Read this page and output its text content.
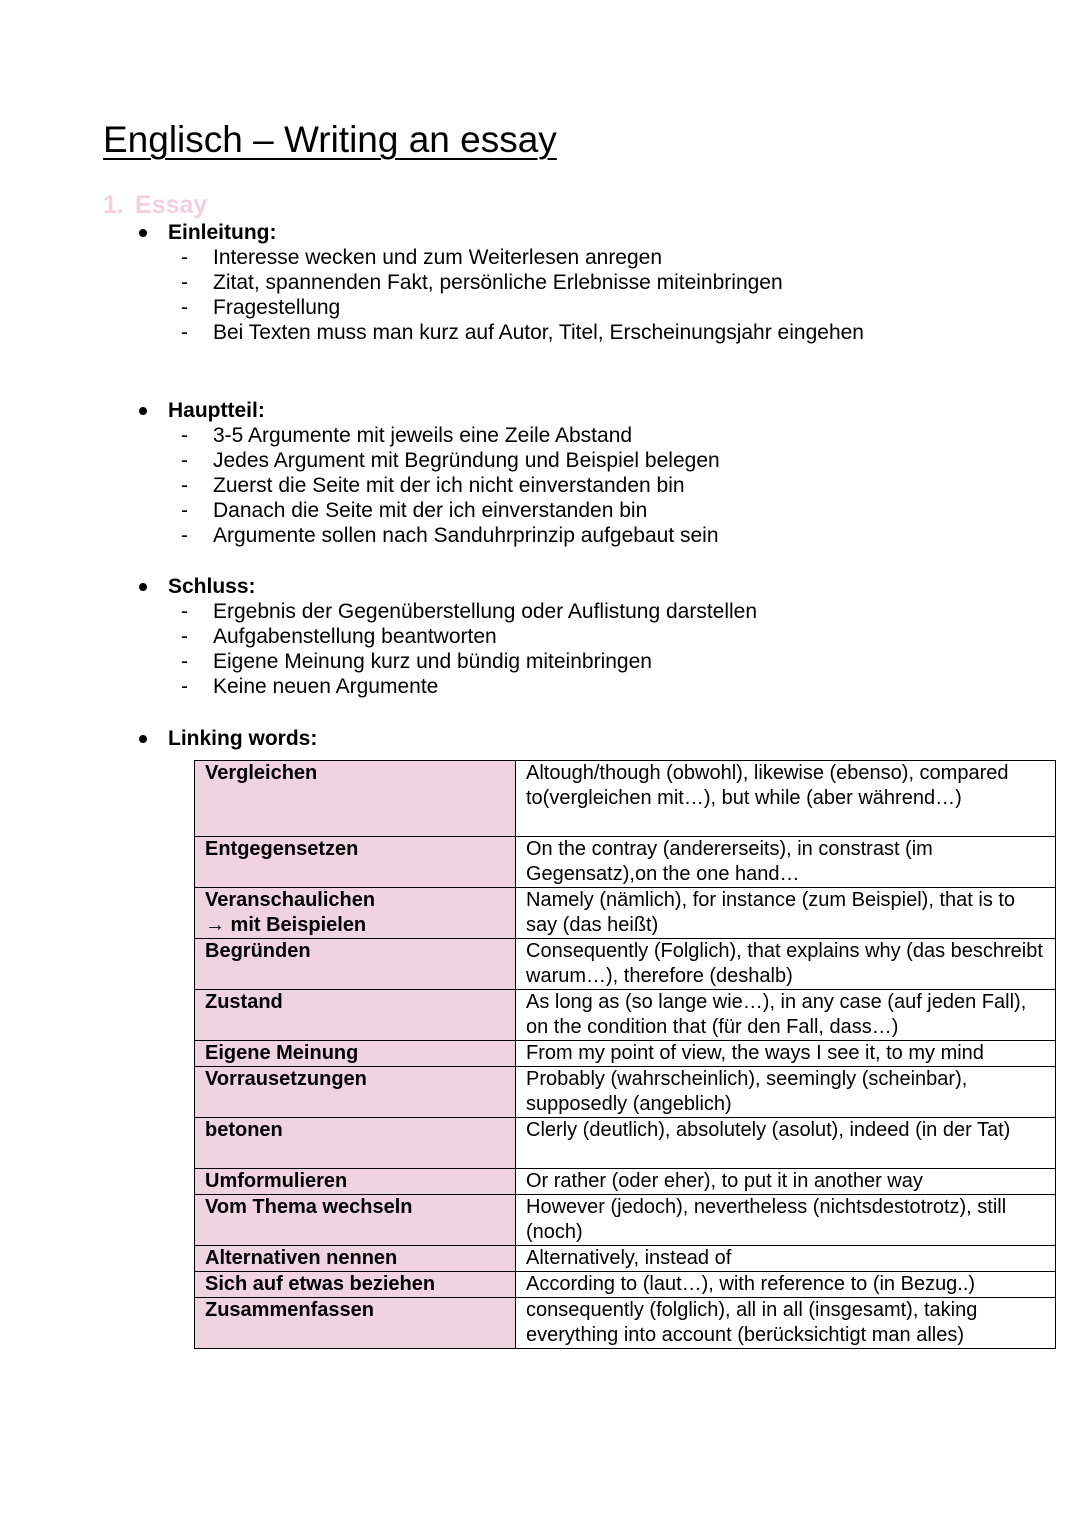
Englisch – Writing an essay
1. Essay
Einleitung:
- Interesse wecken und zum Weiterlesen anregen
- Zitat, spannenden Fakt, persönliche Erlebnisse miteinbringen
- Fragestellung
- Bei Texten muss man kurz auf Autor, Titel, Erscheinungsjahr eingehen
Hauptteil:
- 3-5 Argumente mit jeweils eine Zeile Abstand
- Jedes Argument mit Begründung und Beispiel belegen
- Zuerst die Seite mit der ich nicht einverstanden bin
- Danach die Seite mit der ich einverstanden bin
- Argumente sollen nach Sanduhrprinzip aufgebaut sein
Schluss:
- Ergebnis der Gegenüberstellung oder Auflistung darstellen
- Aufgabenstellung beantworten
- Eigene Meinung kurz und bündig miteinbringen
- Keine neuen Argumente
Linking words:
Vergleichen	Altough/though (obwohl), likewise (ebenso), compared to(vergleichen mit…), but while (aber während…)
Entgegensetzen	On the contray (andererseits), in constrast (im Gegensatz),on the one hand…
Veranschaulichen
→ mit Beispielen	Namely (nämlich), for instance (zum Beispiel), that is to say (das heißt)
Begründen	Consequently (Folglich), that explains why (das beschreibt warum…), therefore (deshalb)
Zustand	As long as (so lange wie…), in any case (auf jeden Fall), on the condition that (für den Fall, dass…)
Eigene Meinung	From my point of view, the ways I see it, to my mind
Vorrausetzungen	Probably (wahrscheinlich), seemingly (scheinbar), supposedly (angeblich)
betonen	Clerly (deutlich), absolutely (asolut), indeed (in der Tat)
Umformulieren	Or rather (oder eher), to put it in another way
Vom Thema wechseln	However (jedoch), nevertheless (nichtsdestotrotz), still (noch)
Alternativen nennen	Alternatively, instead of
Sich auf etwas beziehen	According to (laut…), with reference to (in Bezug..)
Zusammenfassen	consequently (folglich), all in all (insgesamt), taking everything into account (berücksichtigt man alles)
